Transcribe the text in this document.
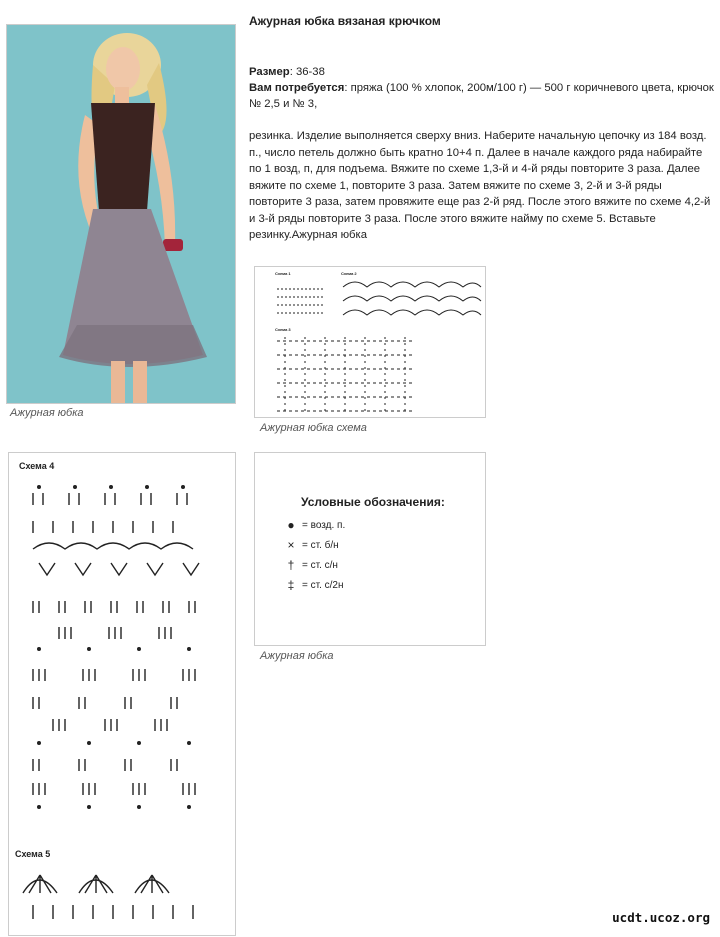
Ажурная юбка вязаная крючком
Размер: 36-38
Вам потребуется: пряжа (100 % хлопок, 200м/100 г) — 500 г коричневого цвета, крючок № 2,5 и № 3,
резинка. Изделие выполняется сверху вниз. Наберите начальную цепочку из 184 возд. п., число петель должно быть кратно 10+4 п. Далее в начале каждого ряда набирайте по 1 возд, п, для подъема. Вяжите по схеме 1,3-й и 4-й ряды повторите 3 раза. Далее вяжите по схеме 1, повторите 3 раза. Затем вяжите по схеме 3, 2-й и 3-й ряды повторите 3 раза, затем провяжите еще раз 2-й ряд. После этого вяжите по схеме 4,2-й и 3-й ряды повторите 3 раза. После этого вяжите найму по схеме 5. Вставьте резинку.Ажурная юбка
Ажурная юбка
Схема 1	Схема 2
Схема 3
Ажурная юбка схема
Схема 4
Схема 5
Условные обозначения:
● = возд. п.
× = ст. б/н
† = ст. с/н
‡ = ст. с/2н
Ажурная юбка
ucdt.ucoz.org
